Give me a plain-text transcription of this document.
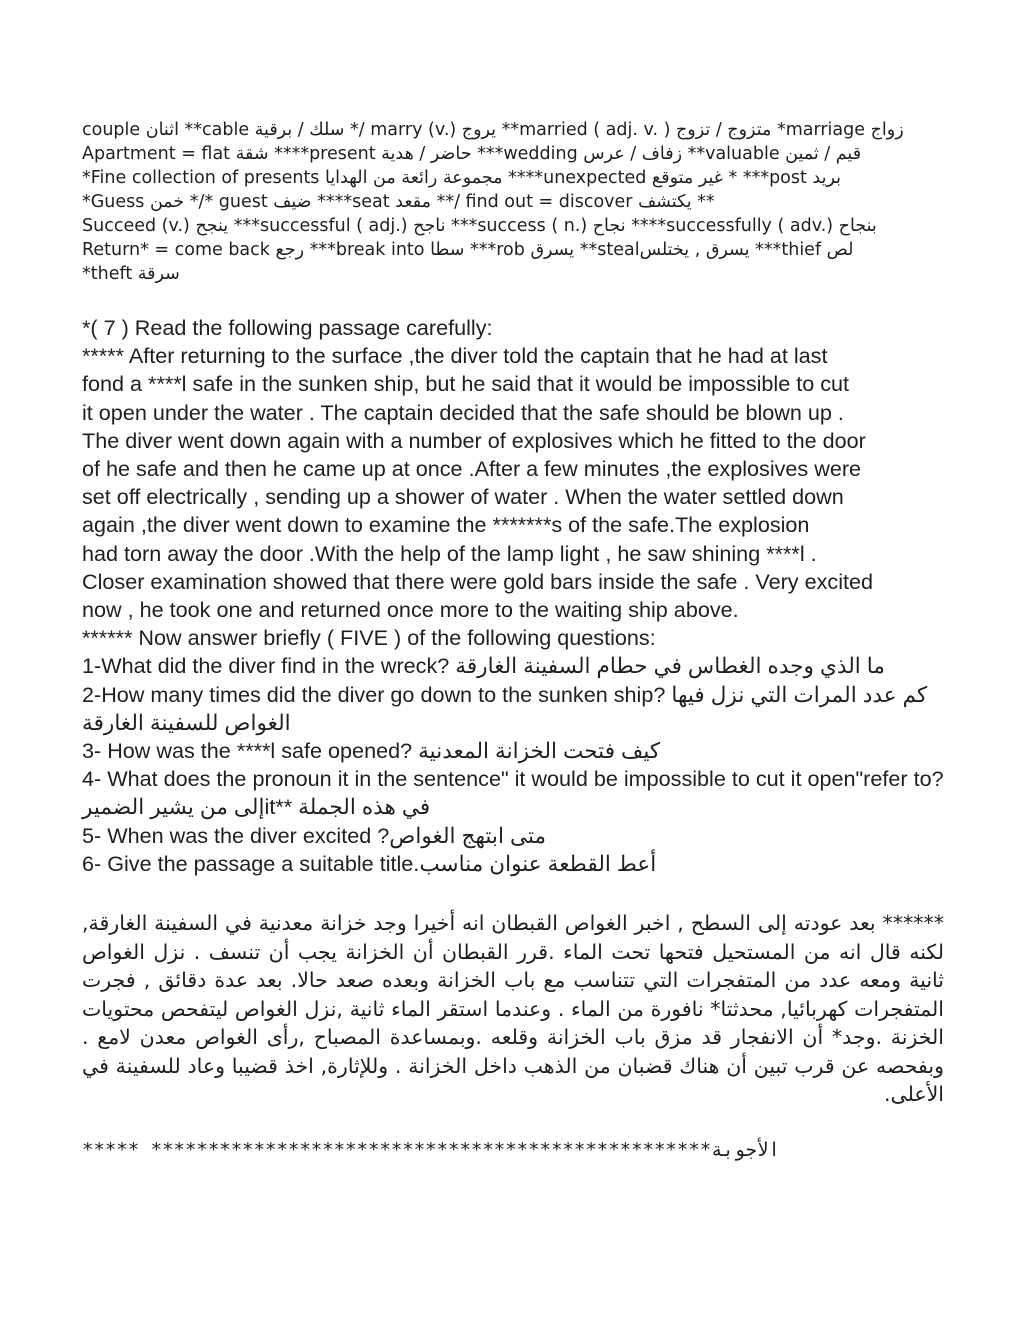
couple اثنان **cable سلك / برقية */ marry (v.) يروج **married ( adj. v. ) متزوج / تزوج *marriage زواج
Apartment = flat شقة ****present حاضر / هدية ***wedding زفاف / عرس **valuable قيم / ثمين
*Fine collection of presents مجموعة رائعة من الهدايا ****unexpected غير متوقع * ***post بريد
*Guess خمن */* guest ضيف ****seat مقعد **/ find out = discover يكتشف **
Succeed (v.) ينجح ***successful ( adj.) ناجح ***success ( n.) نجاح ****successfully ( adv.) بنجاح
Return* = come back رجع ***break into سطا ***rob يسرق **stealيسرق , يختلس ***thief لص
*theft سرقة
*( 7 ) Read the following passage carefully:
***** After returning to the surface ,the diver told the captain that he had at last
fond a ****l safe in the sunken ship, but he said that it would be impossible to cut
it open under the water . The captain decided that the safe should be blown up .
The diver went down again with a number of explosives which he fitted to the door
of he safe and then he came up at once .After a few minutes ,the explosives were
set off electrically , sending up a shower of water . When the water settled down
again ,the diver went down to examine the *******s of the safe.The explosion
had torn away the door .With the help of the lamp light , he saw shining ****l .
Closer examination showed that there were gold bars inside the safe . Very excited
now , he took one and returned once more to the waiting ship above.
****** Now answer briefly ( FIVE ) of the following questions:
1-What did the diver find in the wreck? ما الذي وجده الغطاس في حطام السفينة الغارقة
2-How many times did the diver go down to the sunken ship? كم عدد المرات التي نزل فيها الغواص للسفينة الغارقة
3- How was the ****l safe opened? كيف فتحت الخزانة المعدنية
4- What does the pronoun it in the sentence" it would be impossible to cut it open"refer to? إلى من يشير الضميرit** في هذه الجملة
5- When was the diver excited ?متى ابتهج الغواص
6- Give the passage a suitable title.أعط القطعة عنوان مناسب
****** بعد عودته إلى السطح , اخبر الغواص القبطان انه أخيرا وجد خزانة معدنية في السفينة الغارقة, لكنه قال انه من المستحيل فتحها تحت الماء .قرر القبطان أن الخزانة يجب أن تنسف . نزل الغواص ثانية ومعه عدد من المتفجرات التي تتناسب مع باب الخزانة وبعده صعد حالا. بعد عدة دقائق , فجرت المتفجرات كهربائيا, محدثتا* نافورة من الماء . وعندما استقر الماء ثانية ,نزل الغواص ليتفحص محتويات الخزنة .وجد* أن الانفجار قد مزق باب الخزانة وقلعه .وبمساعدة المصباح ,رأى الغواص معدن لامع . وبفحصه عن قرب تبين أن هناك قضبان من الذهب داخل الخزانة . وللإثارة, اخذ قضيبا وعاد للسفينة في الأعلى.
***** *************************************************الأجوبة
